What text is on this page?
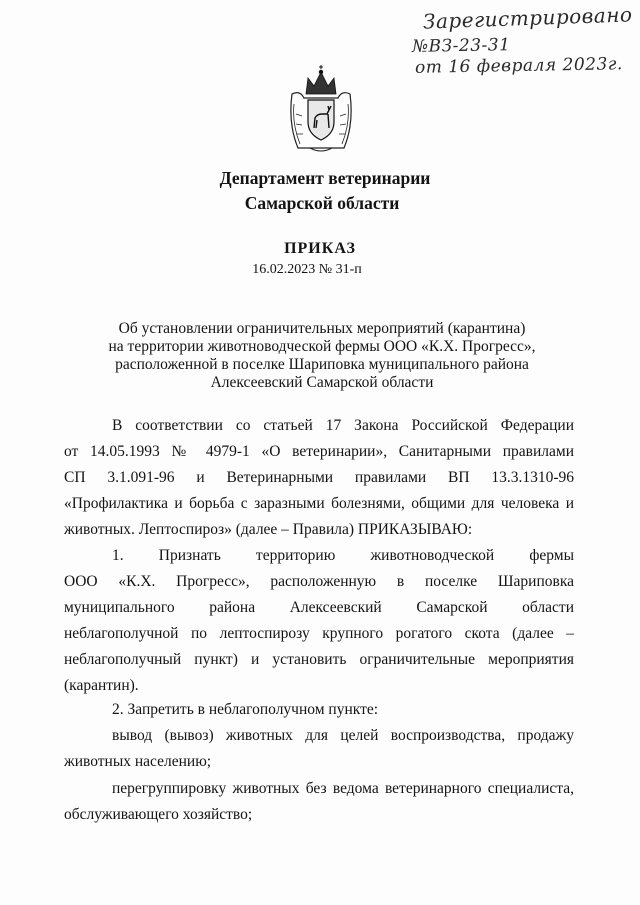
Зарегистрировано
№ВЗ-23-31
от 16 февраля 2023г.
Департамент ветеринарии
Самарской области
ПРИКАЗ
16.02.2023 № 31-п
Об установлении ограничительных мероприятий (карантина)
на территории животноводческой фермы ООО «К.Х. Прогресс»,
расположенной в поселке Шариповка муниципального района
Алексеевский Самарской области
В соответствии со статьей 17 Закона Российской Федерации
от 14.05.1993 № 4979-1 «О ветеринарии», Санитарными правилами
СП 3.1.091-96 и Ветеринарными правилами ВП 13.3.1310-96
«Профилактика и борьба с заразными болезнями, общими для человека и
животных. Лептоспироз» (далее – Правила) ПРИКАЗЫВАЮ:
1.      Признать      территорию      животноводческой      фермы
ООО «К.Х. Прогресс», расположенную в поселке Шариповка
муниципального района Алексеевский Самарской области
неблагополучной по лептоспирозу крупного рогатого скота (далее –
неблагополучный пункт) и установить ограничительные мероприятия
(карантин).
2. Запретить в неблагополучном пункте:
вывод (вывоз) животных для целей воспроизводства, продажу
животных населению;
перегруппировку животных без ведома ветеринарного специалиста,
обслуживающего хозяйство;
